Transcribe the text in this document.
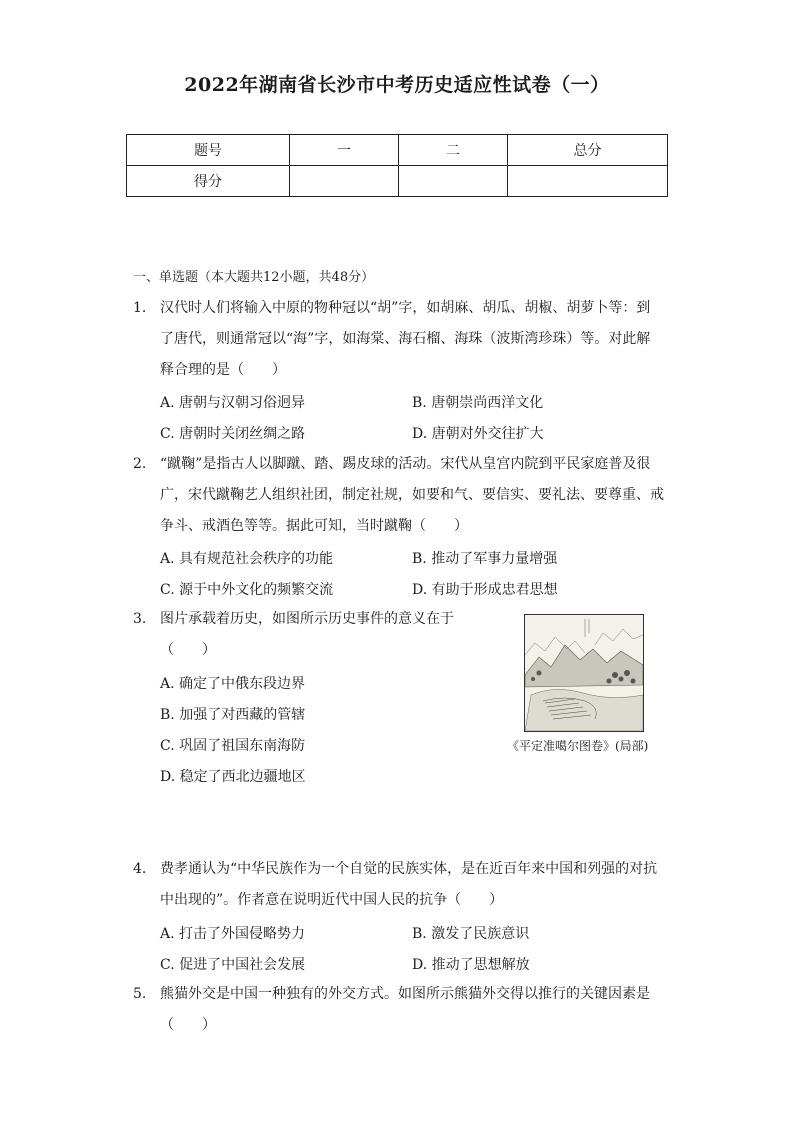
2022年湖南省长沙市中考历史适应性试卷（一）
题号	一	二	总分
得分			
一、单选题（本大题共12小题，共48分）
1. 汉代时人们将输入中原的物种冠以“胡”字，如胡麻、胡瓜、胡椒、胡萝卜等：到
了唐代，则通常冠以“海”字，如海棠、海石榴、海珠（波斯湾珍珠）等。对此解
释合理的是（　　）
A. 唐朝与汉朝习俗迥异	B. 唐朝崇尚西洋文化
C. 唐朝时关闭丝绸之路	D. 唐朝对外交往扩大
2. “蹴鞠”是指古人以脚蹴、踏、踢皮球的活动。宋代从皇宫内院到平民家庭普及很
广，宋代蹴鞠艺人组织社团，制定社规，如要和气、要信实、要礼法、要尊重、戒
争斗、戒酒色等等。据此可知，当时蹴鞠（　　）
A. 具有规范社会秩序的功能	B. 推动了军事力量增强
C. 源于中外文化的频繁交流	D. 有助于形成忠君思想
3. 图片承载着历史，如图所示历史事件的意义在于
（　　）
A. 确定了中俄东段边界
B. 加强了对西藏的管辖
C. 巩固了祖国东南海防
D. 稳定了西北边疆地区
《平定准噶尔图卷》(局部)
4. 费孝通认为“中华民族作为一个自觉的民族实体，是在近百年来中国和列强的对抗
中出现的”。作者意在说明近代中国人民的抗争（　　）
A. 打击了外国侵略势力	B. 激发了民族意识
C. 促进了中国社会发展	D. 推动了思想解放
5. 熊猫外交是中国一种独有的外交方式。如图所示熊猫外交得以推行的关键因素是
（　　）
